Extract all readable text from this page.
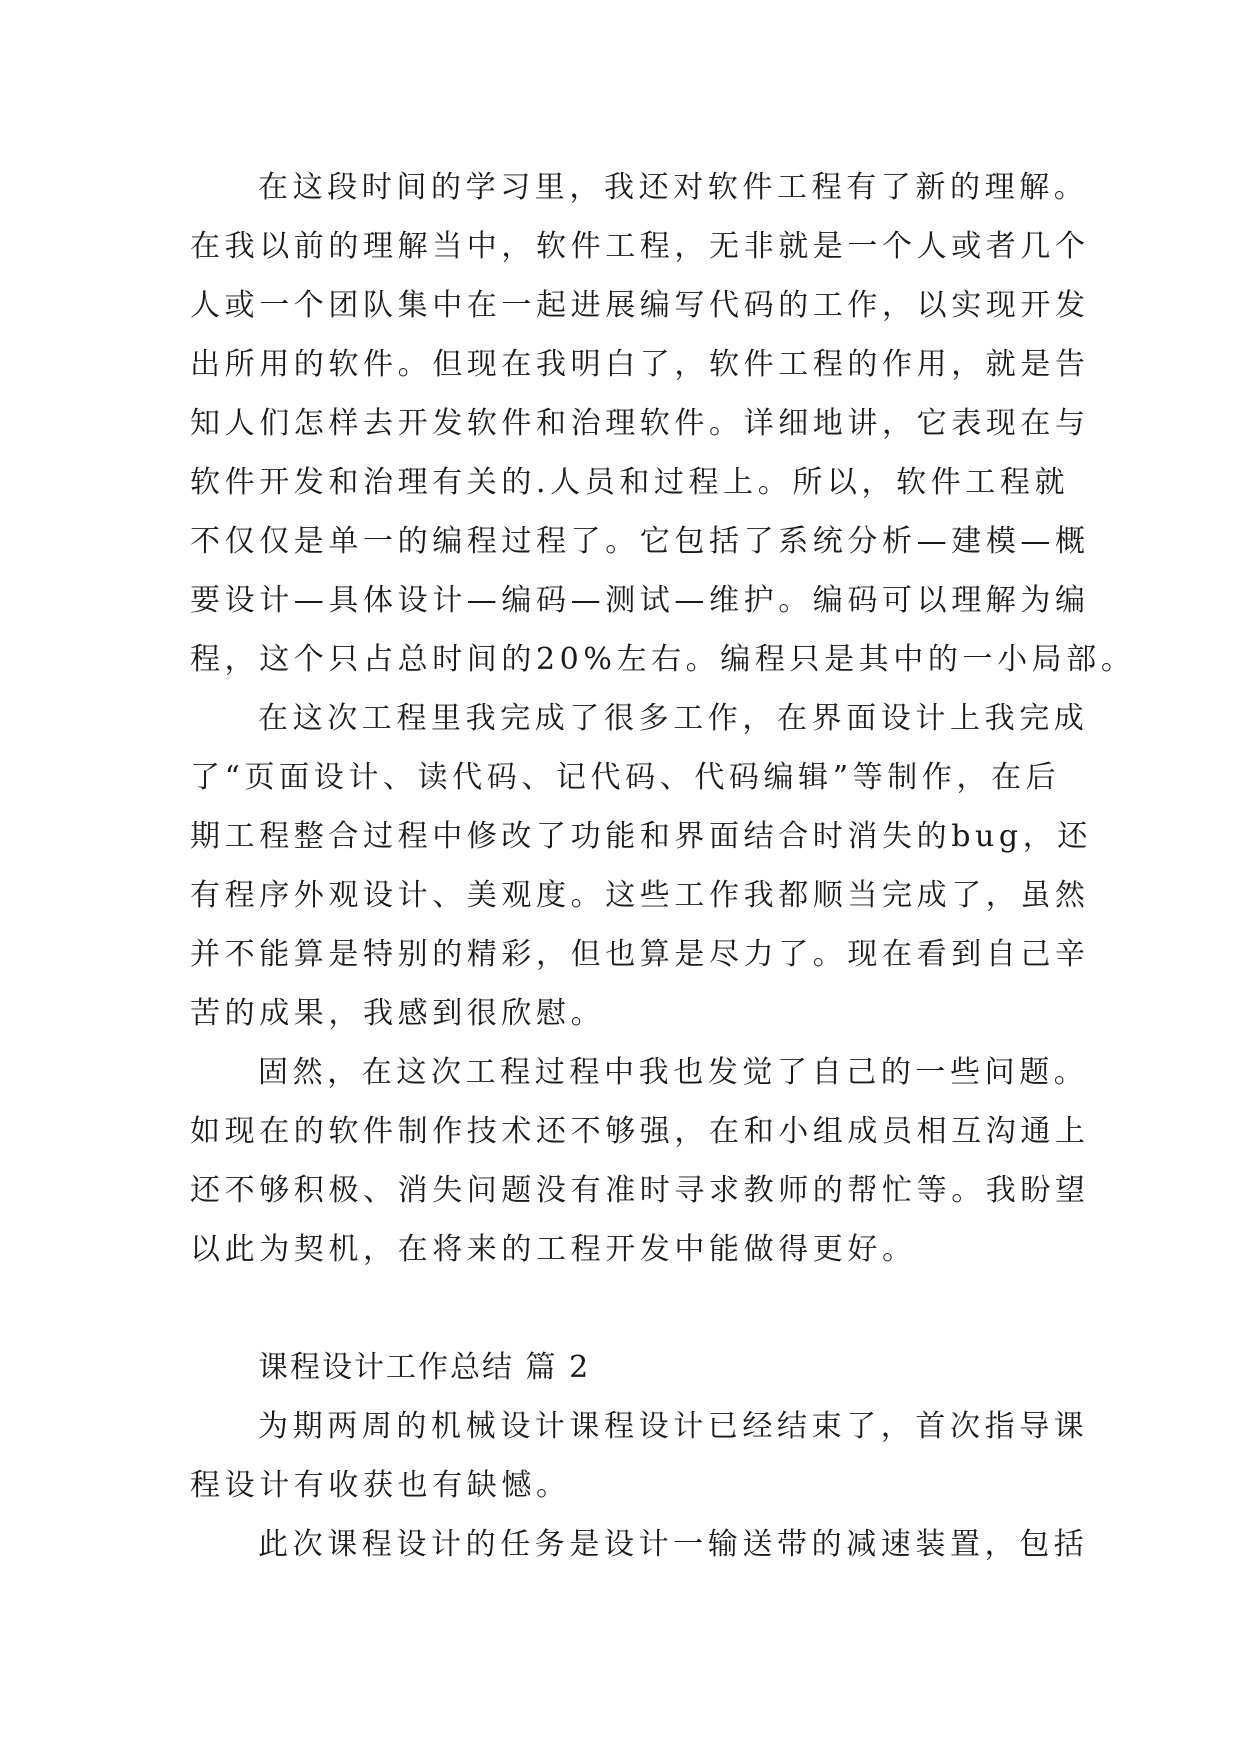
在这段时间的学习里，我还对软件工程有了新的理解。
在我以前的理解当中，软件工程，无非就是一个人或者几个
人或一个团队集中在一起进展编写代码的工作，以实现开发
出所用的软件。但现在我明白了，软件工程的作用，就是告
知人们怎样去开发软件和治理软件。详细地讲，它表现在与
软件开发和治理有关的.人员和过程上。所以，软件工程就
不仅仅是单一的编程过程了。它包括了系统分析—建模—概
要设计—具体设计—编码—测试—维护。编码可以理解为编
程，这个只占总时间的20%左右。编程只是其中的一小局部。
在这次工程里我完成了很多工作，在界面设计上我完成
了“页面设计、读代码、记代码、代码编辑”等制作，在后
期工程整合过程中修改了功能和界面结合时消失的bug，还
有程序外观设计、美观度。这些工作我都顺当完成了，虽然
并不能算是特别的精彩，但也算是尽力了。现在看到自己辛
苦的成果，我感到很欣慰。
固然，在这次工程过程中我也发觉了自己的一些问题。
如现在的软件制作技术还不够强，在和小组成员相互沟通上
还不够积极、消失问题没有准时寻求教师的帮忙等。我盼望
以此为契机，在将来的工程开发中能做得更好。
课程设计工作总结 篇 2
为期两周的机械设计课程设计已经结束了，首次指导课
程设计有收获也有缺憾。
此次课程设计的任务是设计一输送带的减速装置，包括
